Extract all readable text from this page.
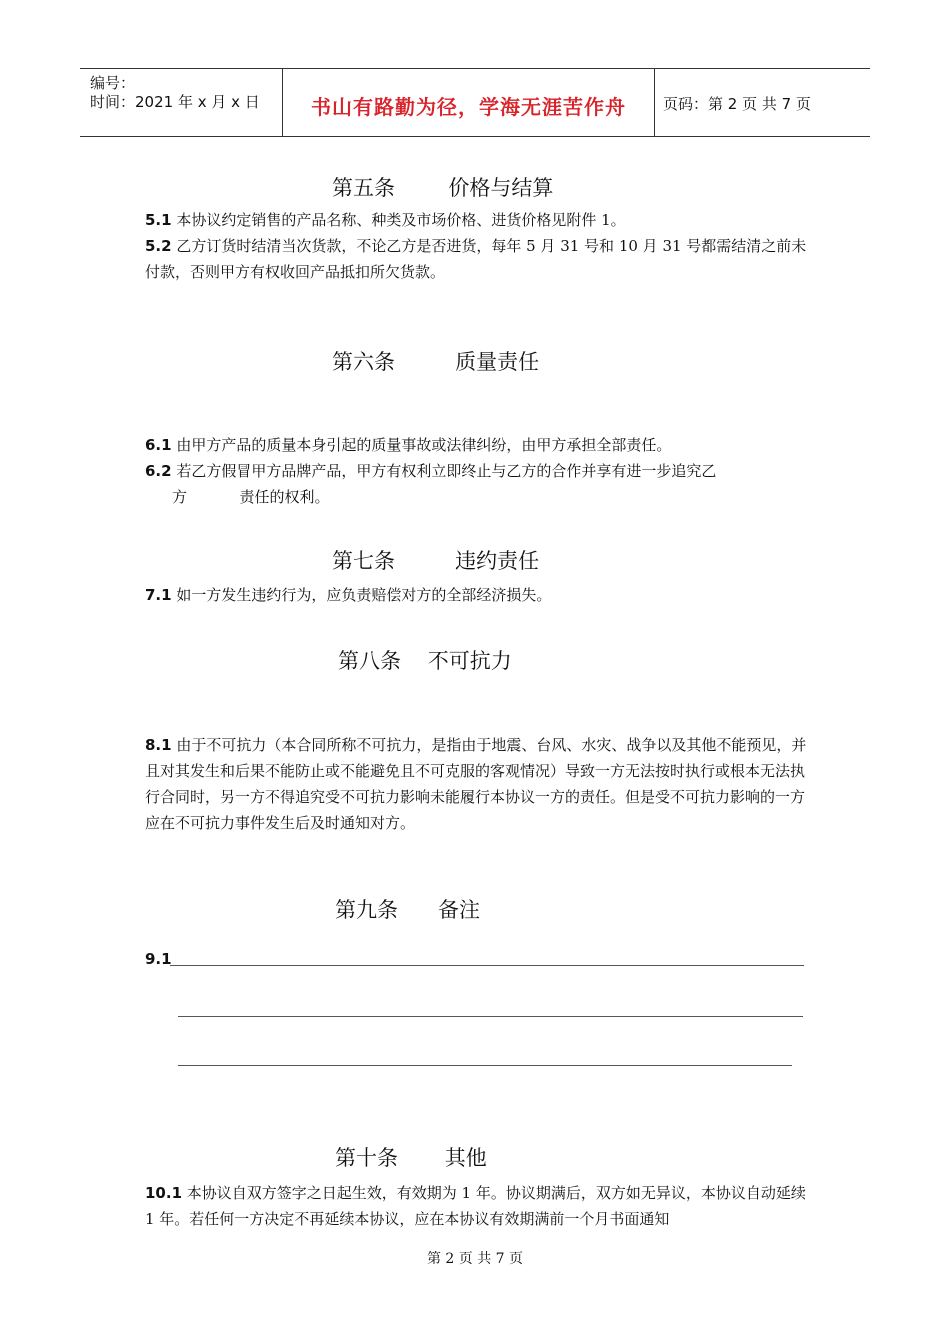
编号：
时间：2021 年 x 月 x 日	书山有路勤为径，学海无涯苦作舟	页码：第 2 页 共 7 页
第五条        价格与结算
5.1 本协议约定销售的产品名称、种类及市场价格、进货价格见附件 1。
5.2 乙方订货时结清当次货款，不论乙方是否进货，每年 5 月 31 号和 10 月 31 号都需结清之前未付款，否则甲方有权收回产品抵扣所欠货款。
第六条         质量责任
6.1 由甲方产品的质量本身引起的质量事故或法律纠纷，由甲方承担全部责任。
6.2 若乙方假冒甲方品牌产品，甲方有权利立即终止与乙方的合作并享有进一步追究乙
方           责任的权利。
第七条         违约责任
7.1 如一方发生违约行为，应负责赔偿对方的全部经济损失。
第八条    不可抗力
8.1 由于不可抗力（本合同所称不可抗力，是指由于地震、台风、水灾、战争以及其他不能预见，并且对其发生和后果不能防止或不能避免且不可克服的客观情况）导致一方无法按时执行或根本无法执行合同时，另一方不得追究受不可抗力影响未能履行本协议一方的责任。但是受不可抗力影响的一方应在不可抗力事件发生后及时通知对方。
第九条      备注
9.1
第十条       其他
10.1 本协议自双方签字之日起生效，有效期为 1 年。协议期满后，双方如无异议，本协议自动延续 1 年。若任何一方决定不再延续本协议，应在本协议有效期满前一个月书面通知
第 2 页 共 7 页
